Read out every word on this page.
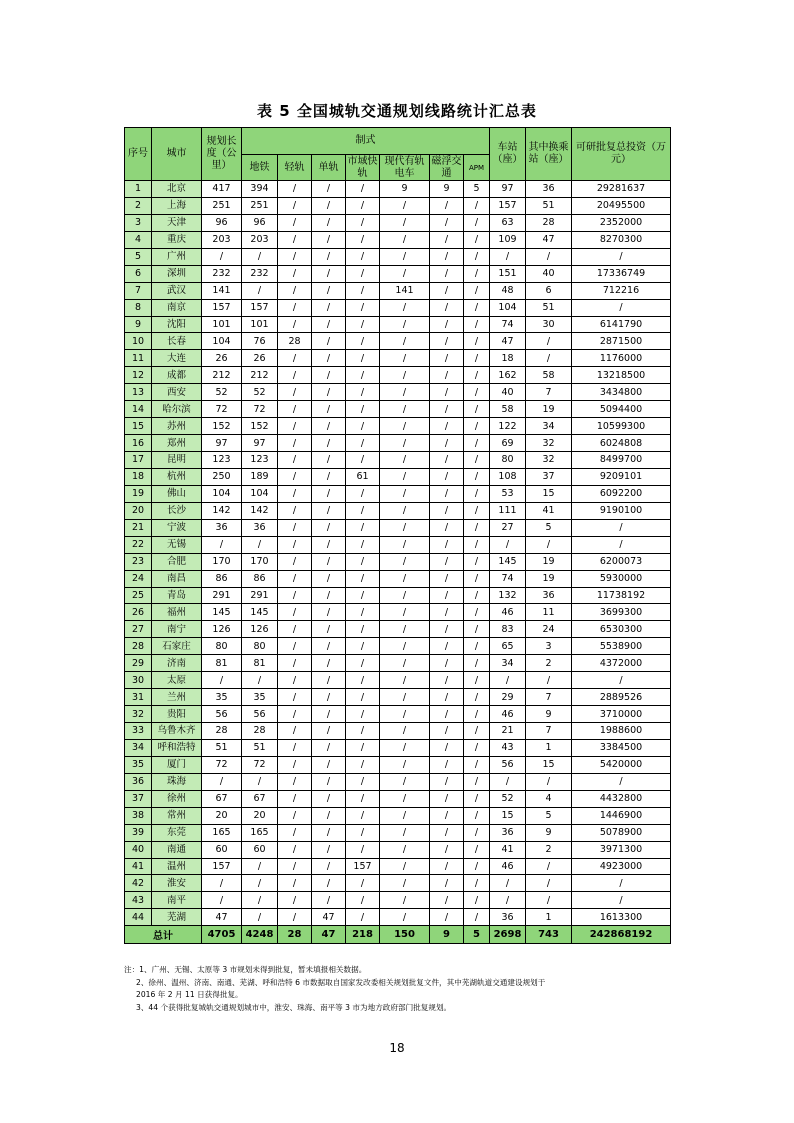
表 5 全国城轨交通规划线路统计汇总表
序号	城市	规划长度（公里）	制式							车站（座）	其中换乘站（座）	可研批复总投资（万元）
			地铁	轻轨	单轨	市域快轨	现代有轨电车	磁浮交通	APM			
1	北京	417	394	/	/	/	9	9	5	97	36	29281637
2	上海	251	251	/	/	/	/	/	/	157	51	20495500
3	天津	96	96	/	/	/	/	/	/	63	28	2352000
4	重庆	203	203	/	/	/	/	/	/	109	47	8270300
5	广州	/	/	/	/	/	/	/	/	/	/	/
6	深圳	232	232	/	/	/	/	/	/	151	40	17336749
7	武汉	141	/	/	/	/	141	/	/	48	6	712216
8	南京	157	157	/	/	/	/	/	/	104	51	/
9	沈阳	101	101	/	/	/	/	/	/	74	30	6141790
10	长春	104	76	28	/	/	/	/	/	47	/	2871500
11	大连	26	26	/	/	/	/	/	/	18	/	1176000
12	成都	212	212	/	/	/	/	/	/	162	58	13218500
13	西安	52	52	/	/	/	/	/	/	40	7	3434800
14	哈尔滨	72	72	/	/	/	/	/	/	58	19	5094400
15	苏州	152	152	/	/	/	/	/	/	122	34	10599300
16	郑州	97	97	/	/	/	/	/	/	69	32	6024808
17	昆明	123	123	/	/	/	/	/	/	80	32	8499700
18	杭州	250	189	/	/	61	/	/	/	108	37	9209101
19	佛山	104	104	/	/	/	/	/	/	53	15	6092200
20	长沙	142	142	/	/	/	/	/	/	111	41	9190100
21	宁波	36	36	/	/	/	/	/	/	27	5	/
22	无锡	/	/	/	/	/	/	/	/	/	/	/
23	合肥	170	170	/	/	/	/	/	/	145	19	6200073
24	南昌	86	86	/	/	/	/	/	/	74	19	5930000
25	青岛	291	291	/	/	/	/	/	/	132	36	11738192
26	福州	145	145	/	/	/	/	/	/	46	11	3699300
27	南宁	126	126	/	/	/	/	/	/	83	24	6530300
28	石家庄	80	80	/	/	/	/	/	/	65	3	5538900
29	济南	81	81	/	/	/	/	/	/	34	2	4372000
30	太原	/	/	/	/	/	/	/	/	/	/	/
31	兰州	35	35	/	/	/	/	/	/	29	7	2889526
32	贵阳	56	56	/	/	/	/	/	/	46	9	3710000
33	乌鲁木齐	28	28	/	/	/	/	/	/	21	7	1988600
34	呼和浩特	51	51	/	/	/	/	/	/	43	1	3384500
35	厦门	72	72	/	/	/	/	/	/	56	15	5420000
36	珠海	/	/	/	/	/	/	/	/	/	/	/
37	徐州	67	67	/	/	/	/	/	/	52	4	4432800
38	常州	20	20	/	/	/	/	/	/	15	5	1446900
39	东莞	165	165	/	/	/	/	/	/	36	9	5078900
40	南通	60	60	/	/	/	/	/	/	41	2	3971300
41	温州	157	/	/	/	157	/	/	/	46	/	4923000
42	淮安	/	/	/	/	/	/	/	/	/	/	/
43	南平	/	/	/	/	/	/	/	/	/	/	/
44	芜湖	47	/	/	47	/	/	/	/	36	1	1613300
总计		4705	4248	28	47	218	150	9	5	2698	743	242868192
注：1、广州、无锡、太原等 3 市规划未得到批复，暂未填报相关数据。
2、徐州、温州、济南、南通、芜湖、呼和浩特 6 市数据取自国家发改委相关规划批复文件，其中芜湖轨道交通建设规划于
2016 年 2 月 11 日获得批复。
3、44 个获得批复城轨交通规划城市中，淮安、珠海、南平等 3 市为地方政府部门批复规划。
18
